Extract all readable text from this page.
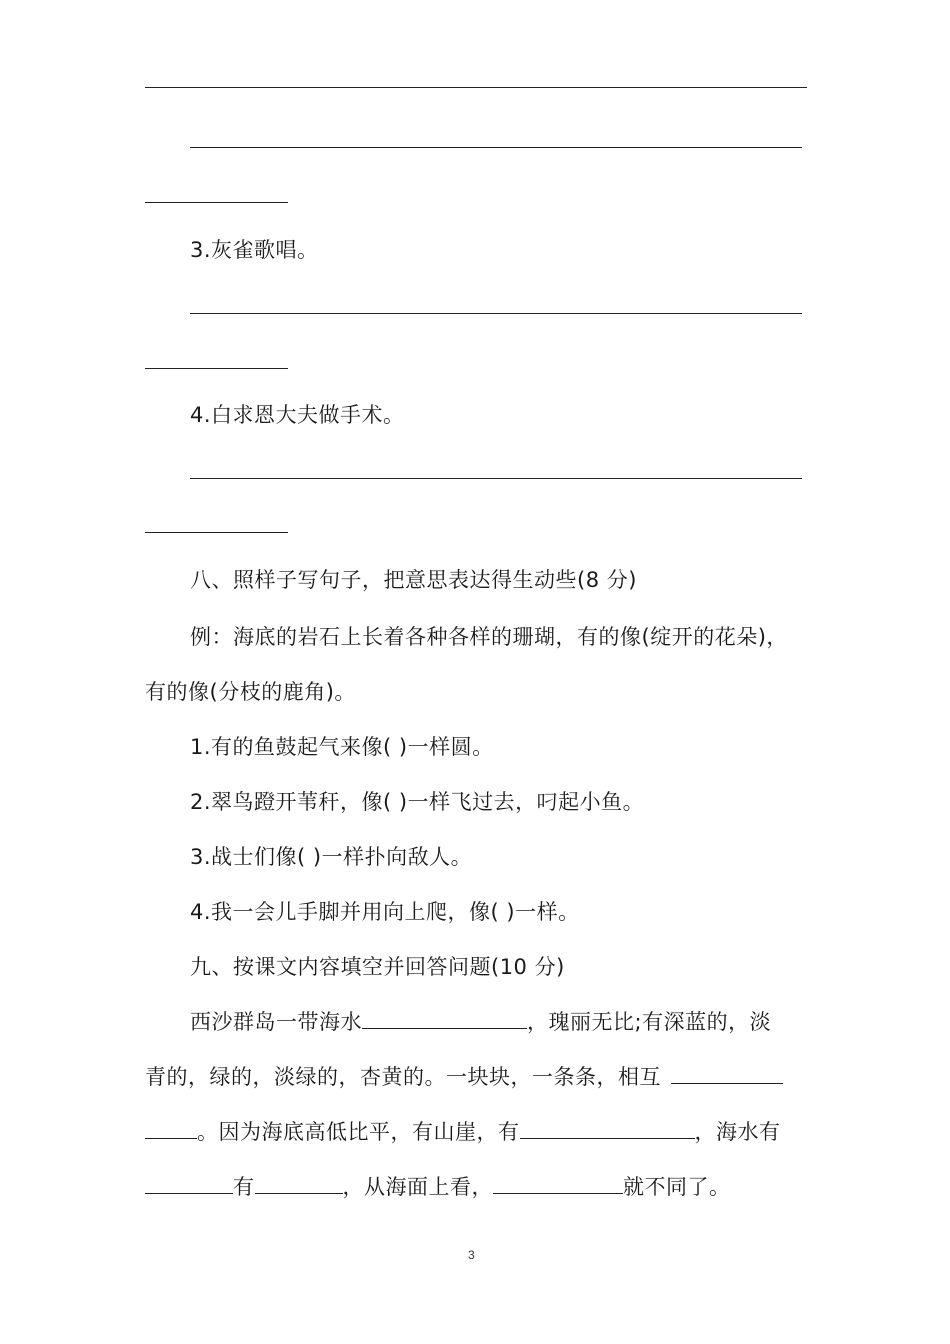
3.灰雀歌唱。
4.白求恩大夫做手术。
八、照样子写句子，把意思表达得生动些(8 分)
例：海底的岩石上长着各种各样的珊瑚，有的像(绽开的花朵)，
有的像(分枝的鹿角)。
1.有的鱼鼓起气来像( )一样圆。
2.翠鸟蹬开苇秆，像( )一样飞过去，叼起小鱼。
3.战士们像( )一样扑向敌人。
4.我一会儿手脚并用向上爬，像( )一样。
九、按课文内容填空并回答问题(10 分)
西沙群岛一带海水	，瑰丽无比;有深蓝的，淡
青的，绿的，淡绿的，杏黄的。一块块，一条条，相互
。因为海底高低比平，有山崖，有	，海水有
有	，从海面上看，	就不同了。
3
